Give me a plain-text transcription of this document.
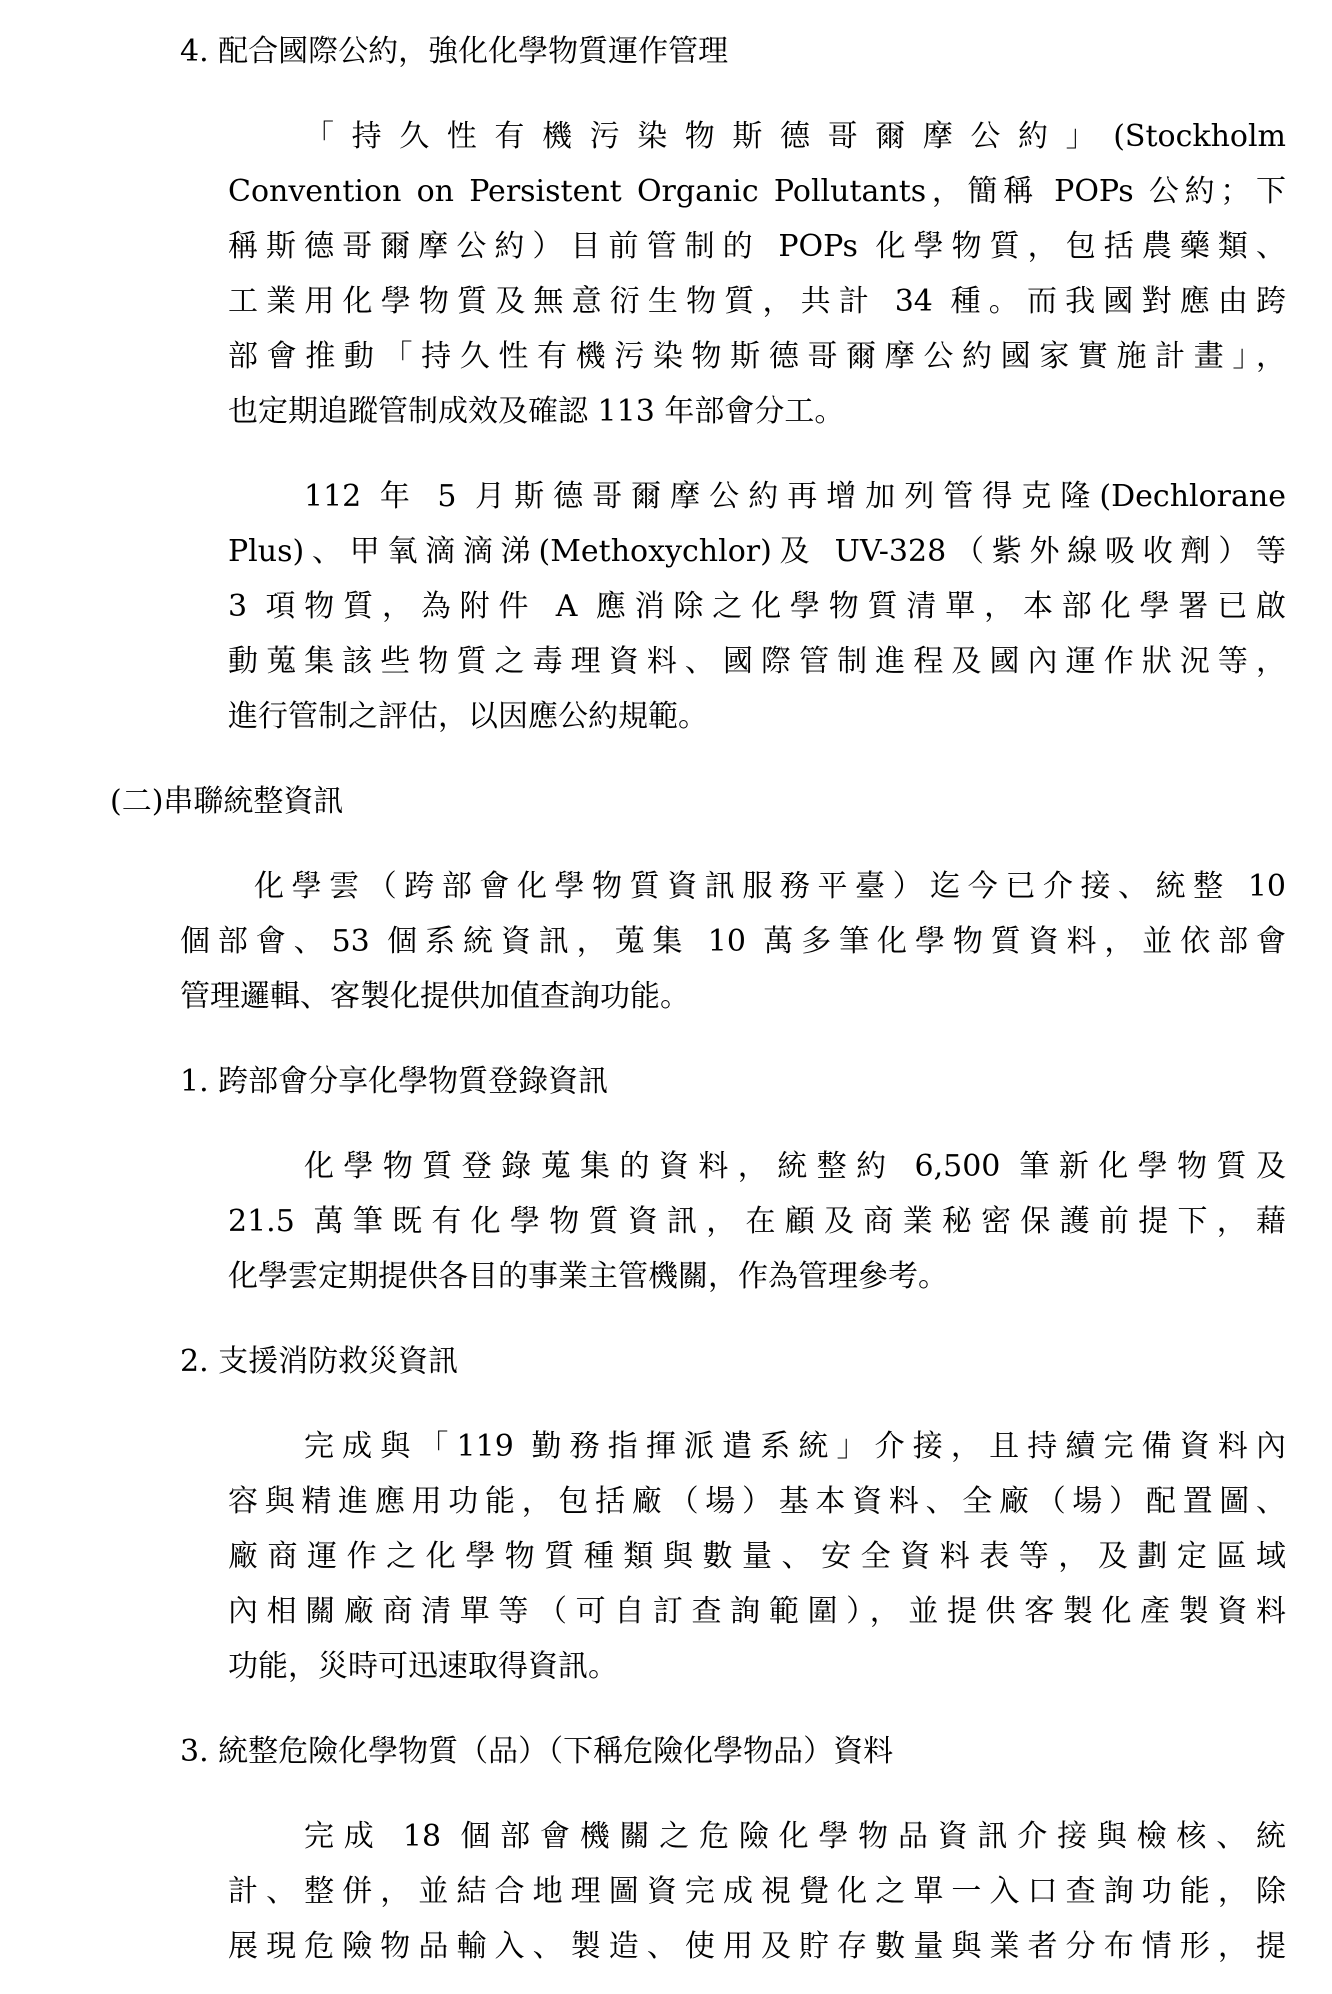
4. 配合國際公約，強化化學物質運作管理
「持久性有機污染物斯德哥爾摩公約」(Stockholm
Convention on Persistent Organic Pollutants，簡稱 POPs 公約；下
稱斯德哥爾摩公約）目前管制的 POPs 化學物質，包括農藥類、
工業用化學物質及無意衍生物質，共計 34 種。而我國對應由跨
部會推動「持久性有機污染物斯德哥爾摩公約國家實施計畫」，
也定期追蹤管制成效及確認 113 年部會分工。
112 年 5 月斯德哥爾摩公約再增加列管得克隆(Dechlorane
Plus)、甲氧滴滴涕(Methoxychlor)及 UV-328（紫外線吸收劑）等
3 項物質，為附件 A 應消除之化學物質清單，本部化學署已啟
動蒐集該些物質之毒理資料、國際管制進程及國內運作狀況等，
進行管制之評估，以因應公約規範。
(二)串聯統整資訊
化學雲（跨部會化學物質資訊服務平臺）迄今已介接、統整 10
個部會、53 個系統資訊，蒐集 10 萬多筆化學物質資料，並依部會
管理邏輯、客製化提供加值查詢功能。
1. 跨部會分享化學物質登錄資訊
化學物質登錄蒐集的資料，統整約 6,500 筆新化學物質及
21.5 萬筆既有化學物質資訊，在顧及商業秘密保護前提下，藉
化學雲定期提供各目的事業主管機關，作為管理參考。
2. 支援消防救災資訊
完成與「119 勤務指揮派遣系統」介接，且持續完備資料內
容與精進應用功能，包括廠（場）基本資料、全廠（場）配置圖、
廠商運作之化學物質種類與數量、安全資料表等，及劃定區域
內相關廠商清單等（可自訂查詢範圍），並提供客製化產製資料
功能，災時可迅速取得資訊。
3. 統整危險化學物質（品）（下稱危險化學物品）資料
完成 18 個部會機關之危險化學物品資訊介接與檢核、統
計、整併，並結合地理圖資完成視覺化之單一入口查詢功能，除
展現危險物品輸入、製造、使用及貯存數量與業者分布情形，提
